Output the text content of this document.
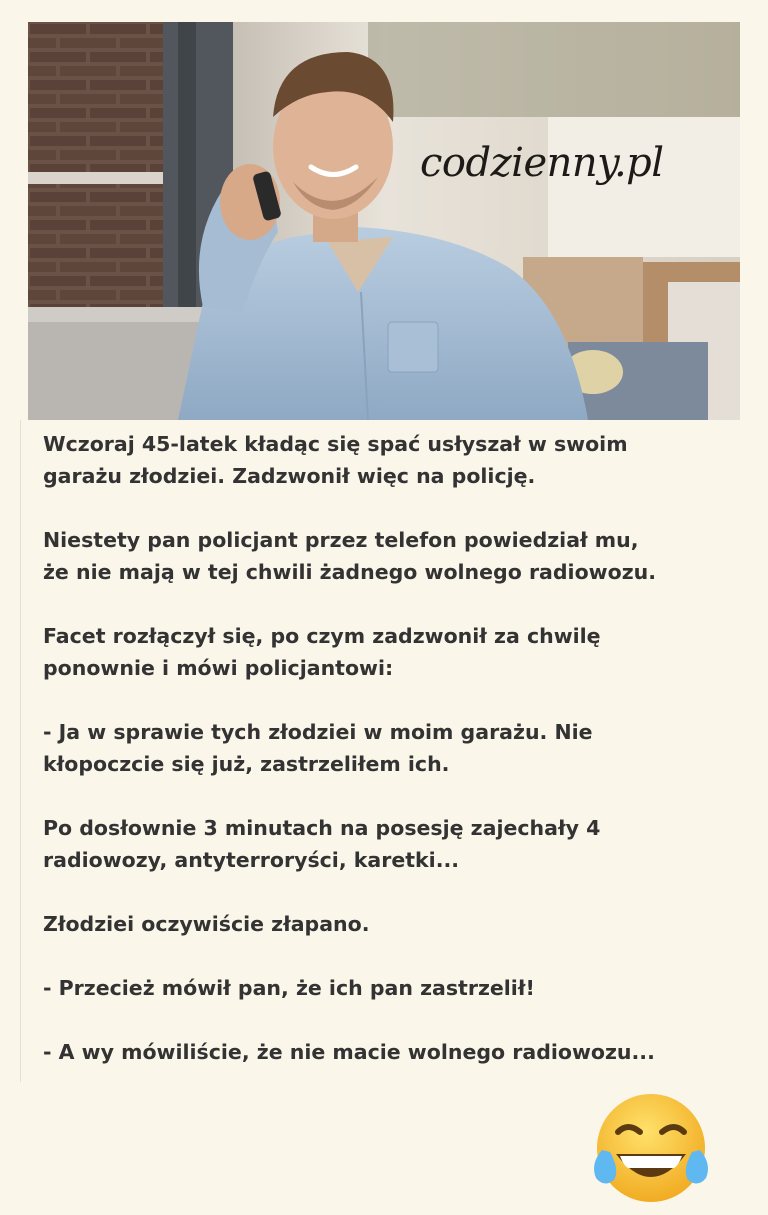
codzienny.pl

Wczoraj 45-latek kładąc się spać usłyszał w swoim
garażu złodziei. Zadzwonił więc na policję.

Niestety pan policjant przez telefon powiedział mu,
że nie mają w tej chwili żadnego wolnego radiowozu.

Facet rozłączył się, po czym zadzwonił za chwilę
ponownie i mówi policjantowi:

- Ja w sprawie tych złodziei w moim garażu. Nie
kłopoczcie się już, zastrzeliłem ich.

Po dosłownie 3 minutach na posesję zajechały 4
radiowozy, antyterroryści, karetki...

Złodziei oczywiście złapano.

- Przecież mówił pan, że ich pan zastrzelił!

- A wy mówiliście, że nie macie wolnego radiowozu...
